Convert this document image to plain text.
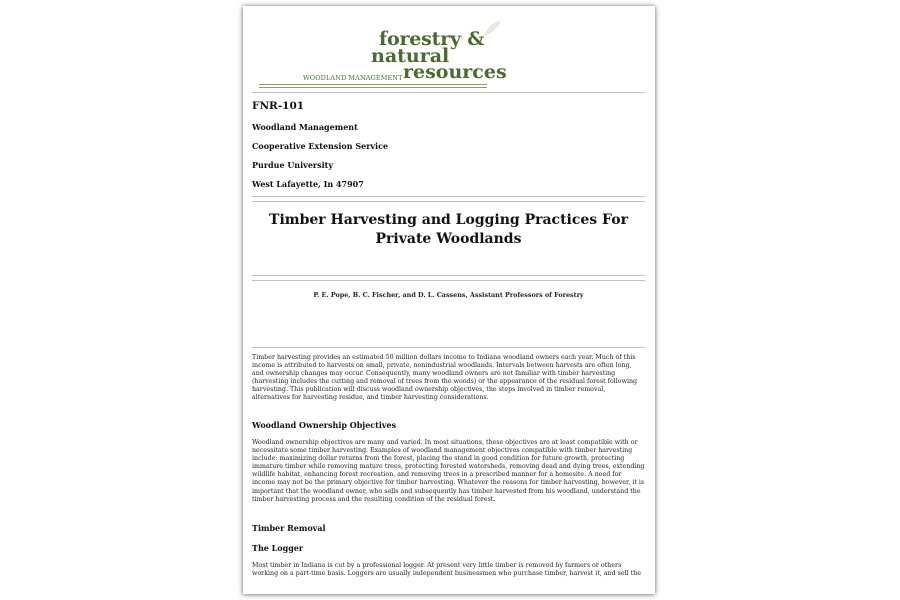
forestry &
natural
resources
WOODLAND MANAGEMENT
FNR-101
Woodland Management
Cooperative Extension Service
Purdue University
West Lafayette, In 47907
Timber Harvesting and Logging Practices For Private Woodlands
P. E. Pope, B. C. Fischer, and D. L. Cassens, Assistant Professors of Forestry

Timber harvesting provides an estimated 50 million dollars income to Indiana woodland owners each year. Much of this income is attributed to harvests on small, private, nonindustrial woodlands. Intervals between harvests are often long, and ownership changes may occur. Consequently, many woodland owners are not familiar with timber harvesting (harvesting includes the cutting and removal of trees from the woods) or the appearance of the residual forest following harvesting. This publication will discuss woodland ownership objectives, the steps involved in timber removal, alternatives for harvesting residue, and timber harvesting considerations.

Woodland Ownership Objectives

Woodland ownership objectives are many and varied. In most situations, these objectives are at least compatible with or necessitate some timber harvesting. Examples of woodland management objectives compatible with timber harvesting include: maximizing dollar returns from the forest, placing the stand in good condition for future growth, protecting immature timber while removing mature trees, protecting forested watersheds, removing dead and dying trees, extending wildlife habitat, enhancing forest recreation, and removing trees in a prescribed manner for a homesite. A need for income may not be the primary objective for timber harvesting. Whatever the reasons for timber harvesting, however, it is important that the woodland owner, who sells and subsequently has timber harvested from his woodland, understand the timber harvesting process and the resulting condition of the residual forest.

Timber Removal
The Logger

Most timber in Indiana is cut by a professional logger. At present very little timber is removed by farmers or others working on a part-time basis. Loggers are usually independent businessmen who purchase timber, harvest it, and sell the
